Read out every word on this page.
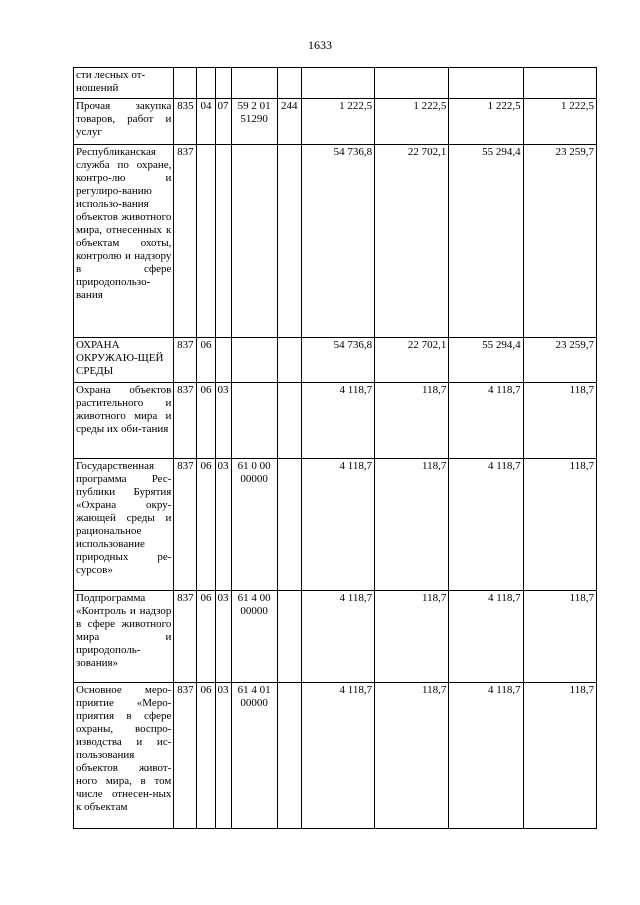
1633
сти лесных от-
ношений									
Прочая закупка товаров, работ и услуг	835	04	07	59 2 01 51290	244	1 222,5	1 222,5	1 222,5	1 222,5
Республиканская служба по охране, контро-лю и регулиро-ванию использо-вания объектов животного мира, отнесенных к объектам охоты, контролю и надзору в сфере природопользо-вания	837					54 736,8	22 702,1	55 294,4	23 259,7
ОХРАНА ОКРУЖАЮ-ЩЕЙ СРЕДЫ	837	06				54 736,8	22 702,1	55 294,4	23 259,7
Охрана объектов растительного и животного мира и среды их оби-тания	837	06	03			4 118,7	118,7	4 118,7	118,7
Государственная программа Рес-публики Бурятия «Охрана окру-жающей среды и рациональное использование природных ре-сурсов»	837	06	03	61 0 00 00000		4 118,7	118,7	4 118,7	118,7
Подпрограмма «Контроль и надзор в сфере животного мира и природополь-зования»	837	06	03	61 4 00 00000		4 118,7	118,7	4 118,7	118,7
Основное меро-приятие «Меро-приятия в сфере охраны, воспро-изводства и ис-пользования объектов живот-ного мира, в том числе отнесен-ных к объектам	837	06	03	61 4 01 00000		4 118,7	118,7	4 118,7	118,7
